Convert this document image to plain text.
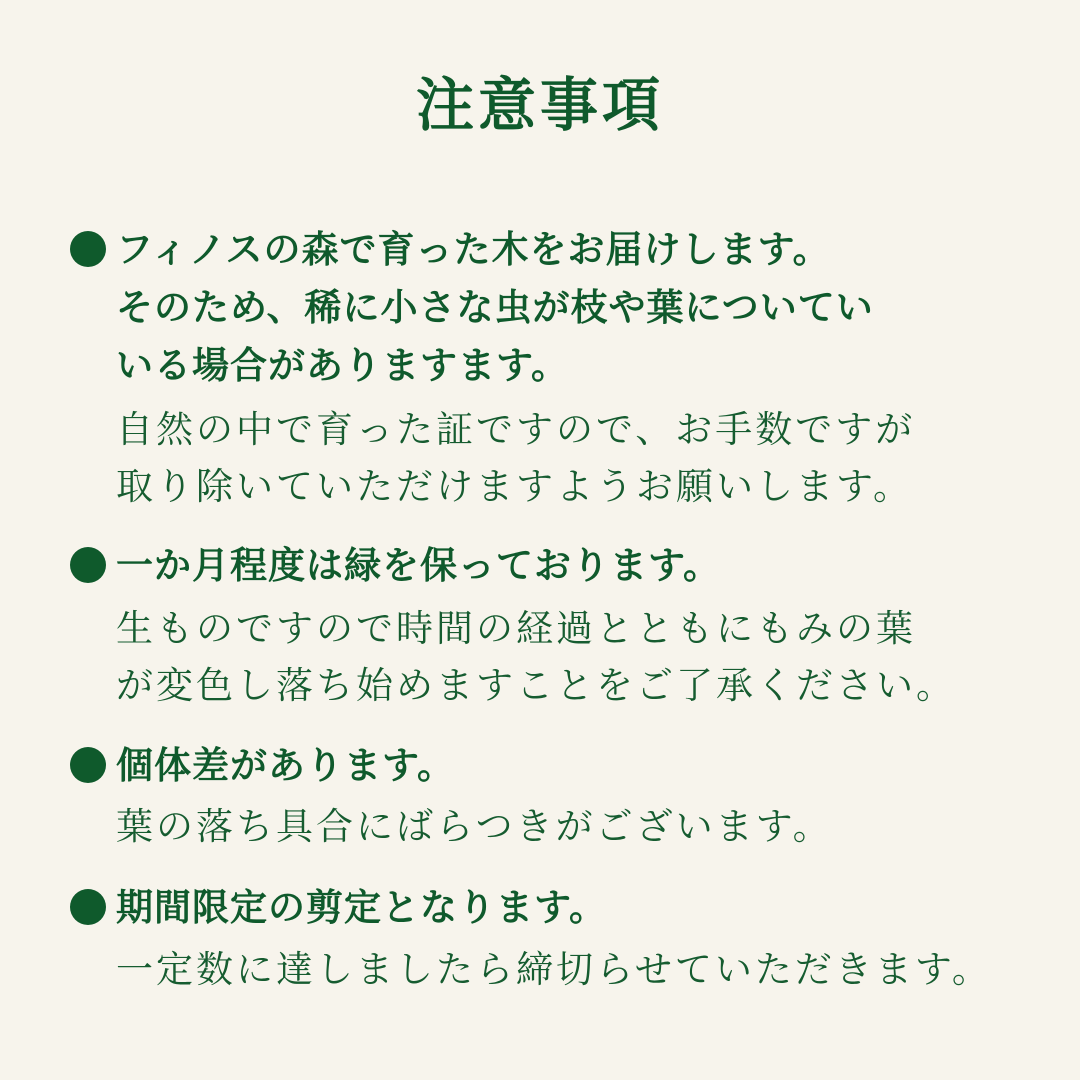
注意事項
フィノスの森で育った木をお届けします。
そのため、稀に小さな虫が枝や葉についてい
いる場合がありますます。
自然の中で育った証ですので、お手数ですが
取り除いていただけますようお願いします。
一か月程度は緑を保っております。
生ものですので時間の経過とともにもみの葉
が変色し落ち始めますことをご了承ください。
個体差があります。
葉の落ち具合にばらつきがございます。
期間限定の剪定となります。
一定数に達しましたら締切らせていただきます。
